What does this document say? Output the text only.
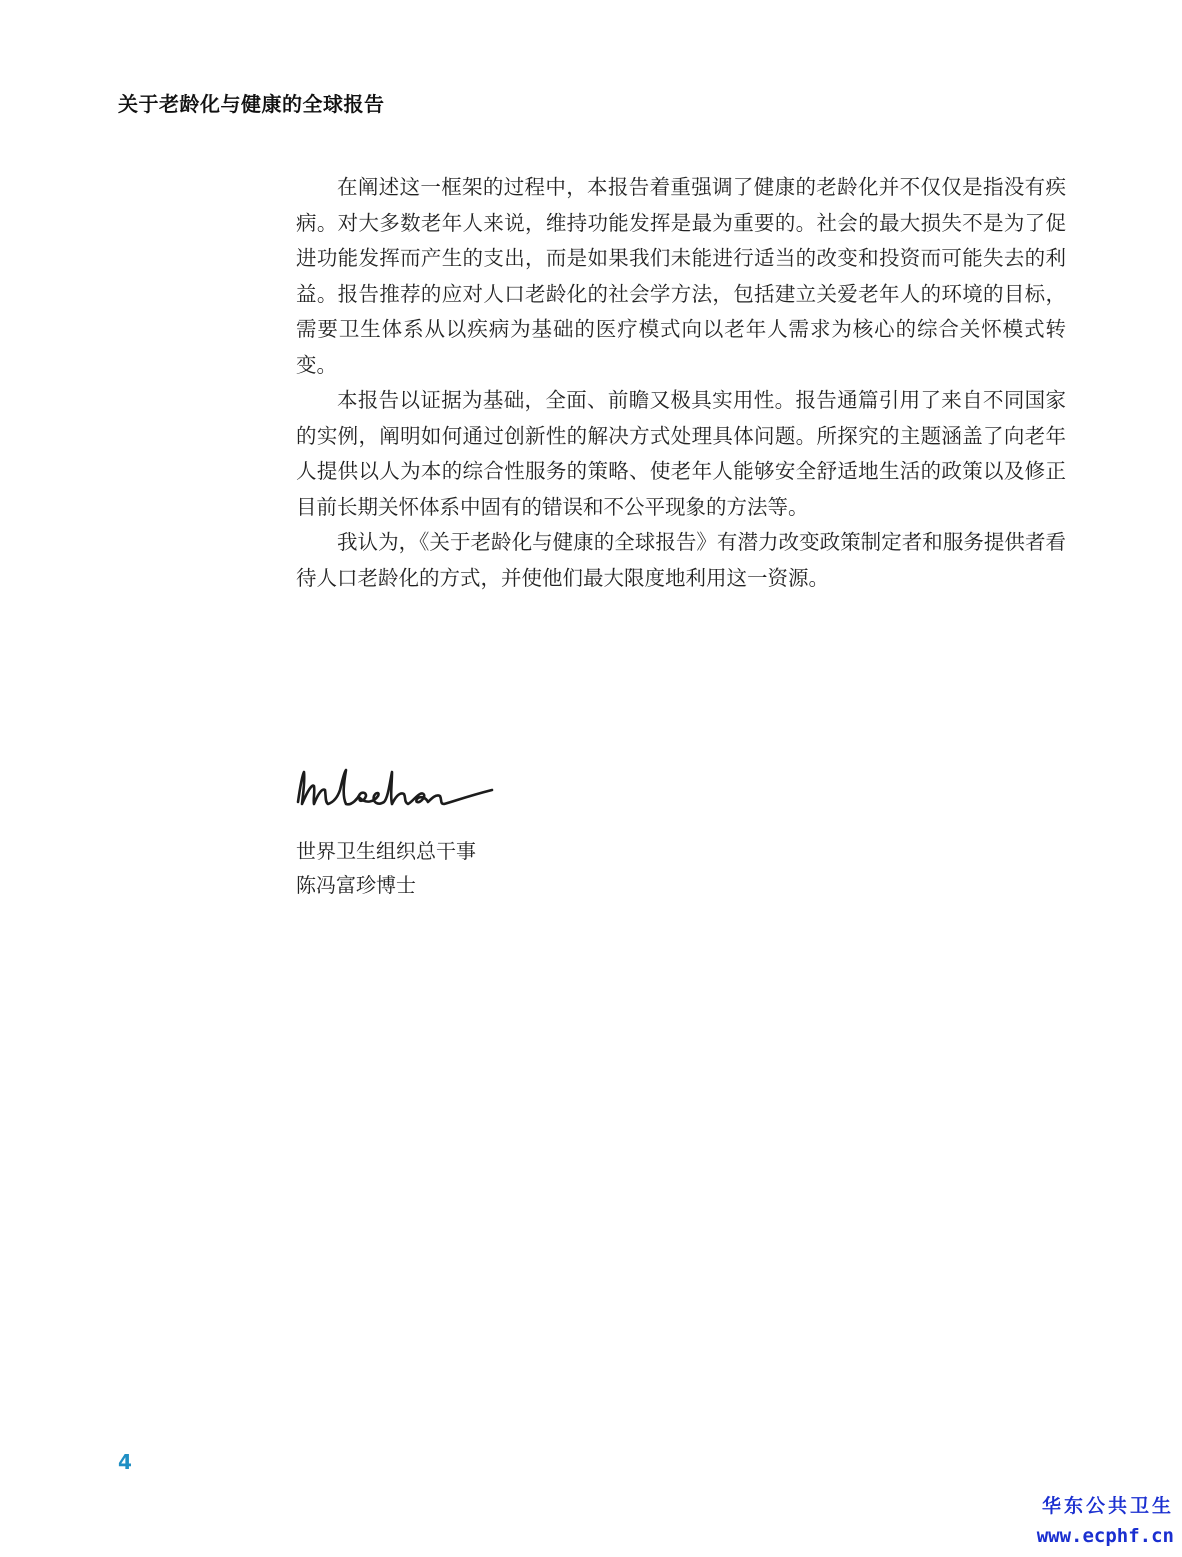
关于老龄化与健康的全球报告

在阐述这一框架的过程中，本报告着重强调了健康的老龄化并不仅仅是指没有疾病。对大多数老年人来说，维持功能发挥是最为重要的。社会的最大损失不是为了促进功能发挥而产生的支出，而是如果我们未能进行适当的改变和投资而可能失去的利益。报告推荐的应对人口老龄化的社会学方法，包括建立关爱老年人的环境的目标，需要卫生体系从以疾病为基础的医疗模式向以老年人需求为核心的综合关怀模式转变。

本报告以证据为基础，全面、前瞻又极具实用性。报告通篇引用了来自不同国家的实例，阐明如何通过创新性的解决方式处理具体问题。所探究的主题涵盖了向老年人提供以人为本的综合性服务的策略、使老年人能够安全舒适地生活的政策以及修正目前长期关怀体系中固有的错误和不公平现象的方法等。

我认为，《关于老龄化与健康的全球报告》有潜力改变政策制定者和服务提供者看待人口老龄化的方式，并使他们最大限度地利用这一资源。

世界卫生组织总干事
陈冯富珍博士
4
华东公共卫生
www.ecphf.cn
